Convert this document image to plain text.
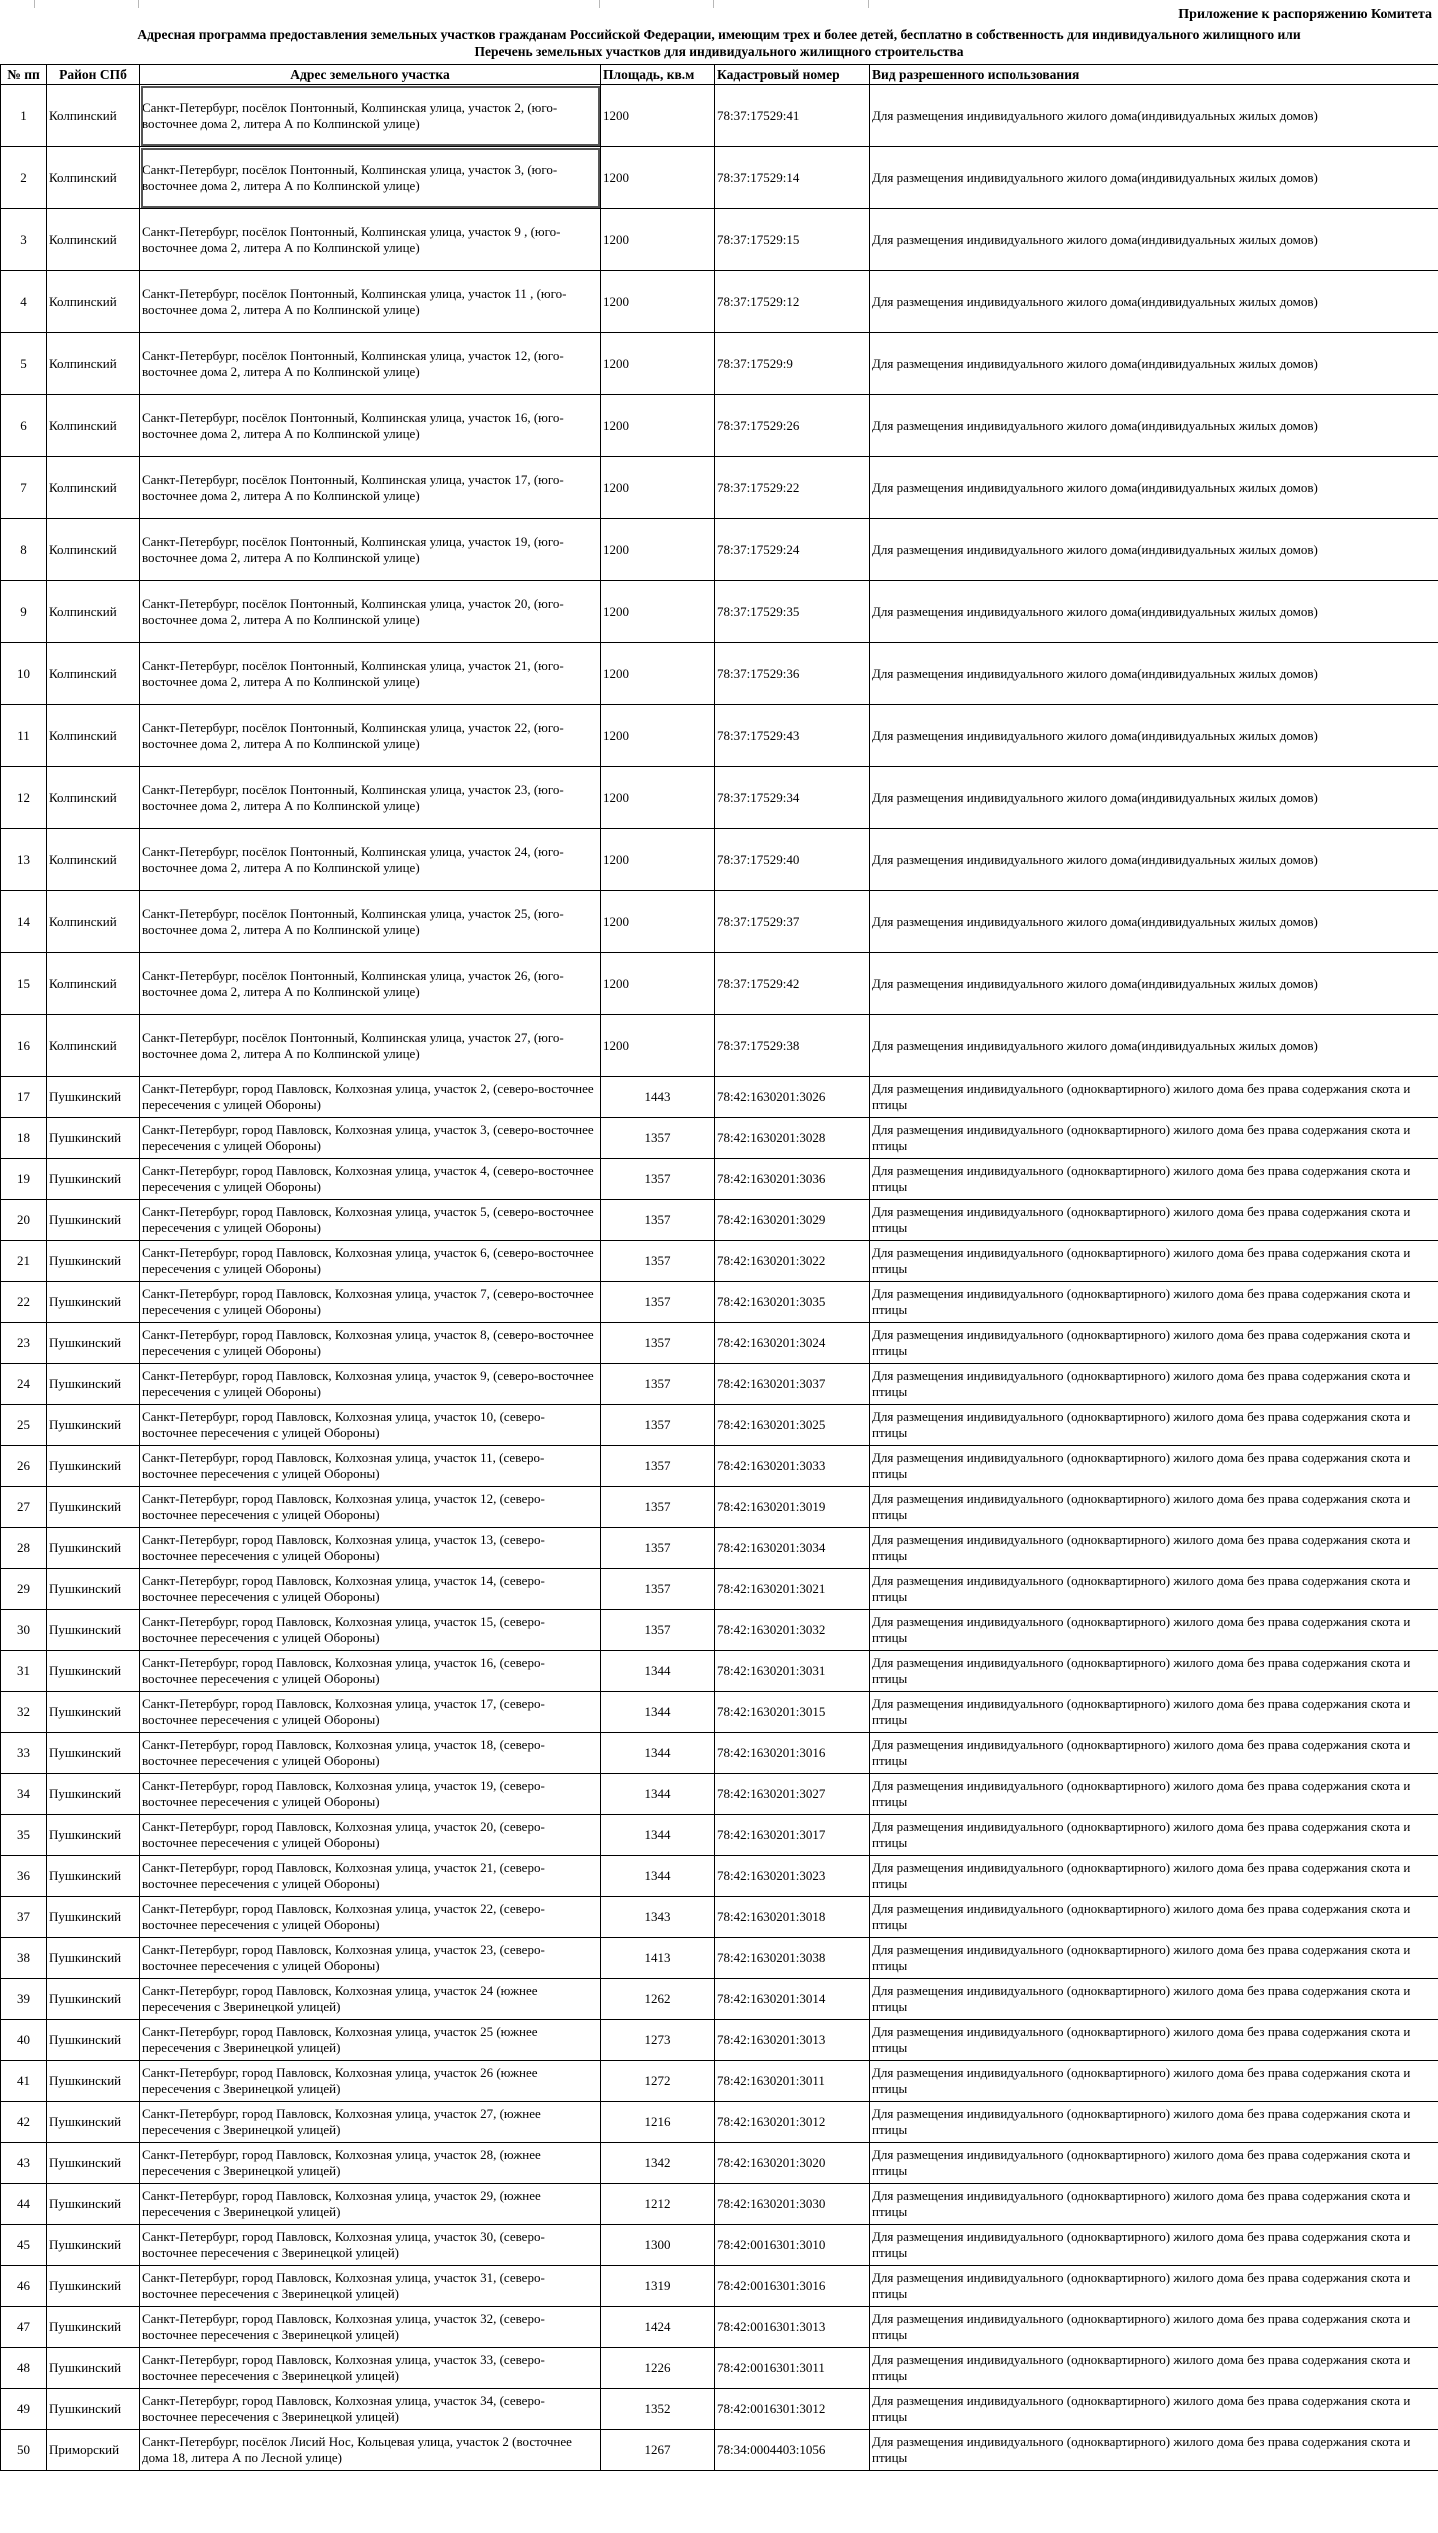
Приложение к распоряжению Комитета
Адресная программа предоставления земельных участков гражданам Российской Федерации, имеющим трех и более детей, бесплатно в собственность для индивидуального жилищного или
Перечень земельных участков для индивидуального жилищного строительства
№ пп	Район СПб	Адрес земельного участка	Площадь, кв.м	Кадастровый номер	Вид разрешенного использования
1	Колпинский	Санкт-Петербург, посёлок Понтонный, Колпинская улица, участок 2, (юго-восточнее дома 2, литера А по Колпинской улице)	1200	78:37:17529:41	Для размещения индивидуального жилого дома(индивидуальных жилых домов)
2	Колпинский	Санкт-Петербург, посёлок Понтонный, Колпинская улица, участок 3, (юго-восточнее дома 2, литера А по Колпинской улице)	1200	78:37:17529:14	Для размещения индивидуального жилого дома(индивидуальных жилых домов)
3	Колпинский	Санкт-Петербург, посёлок Понтонный, Колпинская улица, участок 9 , (юго-восточнее дома 2, литера А по Колпинской улице)	1200	78:37:17529:15	Для размещения индивидуального жилого дома(индивидуальных жилых домов)
4	Колпинский	Санкт-Петербург, посёлок Понтонный, Колпинская улица, участок 11 , (юго-восточнее дома 2, литера А по Колпинской улице)	1200	78:37:17529:12	Для размещения индивидуального жилого дома(индивидуальных жилых домов)
5	Колпинский	Санкт-Петербург, посёлок Понтонный, Колпинская улица, участок 12, (юго-восточнее дома 2, литера А по Колпинской улице)	1200	78:37:17529:9	Для размещения индивидуального жилого дома(индивидуальных жилых домов)
6	Колпинский	Санкт-Петербург, посёлок Понтонный, Колпинская улица, участок 16, (юго-восточнее дома 2, литера А по Колпинской улице)	1200	78:37:17529:26	Для размещения индивидуального жилого дома(индивидуальных жилых домов)
7	Колпинский	Санкт-Петербург, посёлок Понтонный, Колпинская улица, участок 17, (юго-восточнее дома 2, литера А по Колпинской улице)	1200	78:37:17529:22	Для размещения индивидуального жилого дома(индивидуальных жилых домов)
8	Колпинский	Санкт-Петербург, посёлок Понтонный, Колпинская улица, участок 19, (юго-восточнее дома 2, литера А по Колпинской улице)	1200	78:37:17529:24	Для размещения индивидуального жилого дома(индивидуальных жилых домов)
9	Колпинский	Санкт-Петербург, посёлок Понтонный, Колпинская улица, участок 20, (юго-восточнее дома 2, литера А по Колпинской улице)	1200	78:37:17529:35	Для размещения индивидуального жилого дома(индивидуальных жилых домов)
10	Колпинский	Санкт-Петербург, посёлок Понтонный, Колпинская улица, участок 21, (юго-восточнее дома 2, литера А по Колпинской улице)	1200	78:37:17529:36	Для размещения индивидуального жилого дома(индивидуальных жилых домов)
11	Колпинский	Санкт-Петербург, посёлок Понтонный, Колпинская улица, участок 22, (юго-восточнее дома 2, литера А по Колпинской улице)	1200	78:37:17529:43	Для размещения индивидуального жилого дома(индивидуальных жилых домов)
12	Колпинский	Санкт-Петербург, посёлок Понтонный, Колпинская улица, участок 23, (юго-восточнее дома 2, литера А по Колпинской улице)	1200	78:37:17529:34	Для размещения индивидуального жилого дома(индивидуальных жилых домов)
13	Колпинский	Санкт-Петербург, посёлок Понтонный, Колпинская улица, участок 24, (юго-восточнее дома 2, литера А по Колпинской улице)	1200	78:37:17529:40	Для размещения индивидуального жилого дома(индивидуальных жилых домов)
14	Колпинский	Санкт-Петербург, посёлок Понтонный, Колпинская улица, участок 25, (юго-восточнее дома 2, литера А по Колпинской улице)	1200	78:37:17529:37	Для размещения индивидуального жилого дома(индивидуальных жилых домов)
15	Колпинский	Санкт-Петербург, посёлок Понтонный, Колпинская улица, участок 26, (юго-восточнее дома 2, литера А по Колпинской улице)	1200	78:37:17529:42	Для размещения индивидуального жилого дома(индивидуальных жилых домов)
16	Колпинский	Санкт-Петербург, посёлок Понтонный, Колпинская улица, участок 27, (юго-восточнее дома 2, литера А по Колпинской улице)	1200	78:37:17529:38	Для размещения индивидуального жилого дома(индивидуальных жилых домов)
17	Пушкинский	Санкт-Петербург, город Павловск, Колхозная улица, участок 2, (северо-восточнее пересечения с улицей Обороны)	1443	78:42:1630201:3026	Для размещения индивидуального (одноквартирного) жилого дома без права содержания скота и птицы
18	Пушкинский	Санкт-Петербург, город Павловск, Колхозная улица, участок 3, (северо-восточнее пересечения с улицей Обороны)	1357	78:42:1630201:3028	Для размещения индивидуального (одноквартирного) жилого дома без права содержания скота и птицы
19	Пушкинский	Санкт-Петербург, город Павловск, Колхозная улица, участок 4, (северо-восточнее пересечения с улицей Обороны)	1357	78:42:1630201:3036	Для размещения индивидуального (одноквартирного) жилого дома без права содержания скота и птицы
20	Пушкинский	Санкт-Петербург, город Павловск, Колхозная улица, участок 5, (северо-восточнее пересечения с улицей Обороны)	1357	78:42:1630201:3029	Для размещения индивидуального (одноквартирного) жилого дома без права содержания скота и птицы
21	Пушкинский	Санкт-Петербург, город Павловск, Колхозная улица, участок 6, (северо-восточнее пересечения с улицей Обороны)	1357	78:42:1630201:3022	Для размещения индивидуального (одноквартирного) жилого дома без права содержания скота и птицы
22	Пушкинский	Санкт-Петербург, город Павловск, Колхозная улица, участок 7, (северо-восточнее пересечения с улицей Обороны)	1357	78:42:1630201:3035	Для размещения индивидуального (одноквартирного) жилого дома без права содержания скота и птицы
23	Пушкинский	Санкт-Петербург, город Павловск, Колхозная улица, участок 8, (северо-восточнее пересечения с улицей Обороны)	1357	78:42:1630201:3024	Для размещения индивидуального (одноквартирного) жилого дома без права содержания скота и птицы
24	Пушкинский	Санкт-Петербург, город Павловск, Колхозная улица, участок 9, (северо-восточнее пересечения с улицей Обороны)	1357	78:42:1630201:3037	Для размещения индивидуального (одноквартирного) жилого дома без права содержания скота и птицы
25	Пушкинский	Санкт-Петербург, город Павловск, Колхозная улица, участок 10, (северо-восточнее пересечения с улицей Обороны)	1357	78:42:1630201:3025	Для размещения индивидуального (одноквартирного) жилого дома без права содержания скота и птицы
26	Пушкинский	Санкт-Петербург, город Павловск, Колхозная улица, участок 11, (северо-восточнее пересечения с улицей Обороны)	1357	78:42:1630201:3033	Для размещения индивидуального (одноквартирного) жилого дома без права содержания скота и птицы
27	Пушкинский	Санкт-Петербург, город Павловск, Колхозная улица, участок 12, (северо-восточнее пересечения с улицей Обороны)	1357	78:42:1630201:3019	Для размещения индивидуального (одноквартирного) жилого дома без права содержания скота и птицы
28	Пушкинский	Санкт-Петербург, город Павловск, Колхозная улица, участок 13, (северо-восточнее пересечения с улицей Обороны)	1357	78:42:1630201:3034	Для размещения индивидуального (одноквартирного) жилого дома без права содержания скота и птицы
29	Пушкинский	Санкт-Петербург, город Павловск, Колхозная улица, участок 14, (северо-восточнее пересечения с улицей Обороны)	1357	78:42:1630201:3021	Для размещения индивидуального (одноквартирного) жилого дома без права содержания скота и птицы
30	Пушкинский	Санкт-Петербург, город Павловск, Колхозная улица, участок 15, (северо-восточнее пересечения с улицей Обороны)	1357	78:42:1630201:3032	Для размещения индивидуального (одноквартирного) жилого дома без права содержания скота и птицы
31	Пушкинский	Санкт-Петербург, город Павловск, Колхозная улица, участок 16, (северо-восточнее пересечения с улицей Обороны)	1344	78:42:1630201:3031	Для размещения индивидуального (одноквартирного) жилого дома без права содержания скота и птицы
32	Пушкинский	Санкт-Петербург, город Павловск, Колхозная улица, участок 17, (северо-восточнее пересечения с улицей Обороны)	1344	78:42:1630201:3015	Для размещения индивидуального (одноквартирного) жилого дома без права содержания скота и птицы
33	Пушкинский	Санкт-Петербург, город Павловск, Колхозная улица, участок 18, (северо-восточнее пересечения с улицей Обороны)	1344	78:42:1630201:3016	Для размещения индивидуального (одноквартирного) жилого дома без права содержания скота и птицы
34	Пушкинский	Санкт-Петербург, город Павловск, Колхозная улица, участок 19, (северо-восточнее пересечения с улицей Обороны)	1344	78:42:1630201:3027	Для размещения индивидуального (одноквартирного) жилого дома без права содержания скота и птицы
35	Пушкинский	Санкт-Петербург, город Павловск, Колхозная улица, участок 20, (северо-восточнее пересечения с улицей Обороны)	1344	78:42:1630201:3017	Для размещения индивидуального (одноквартирного) жилого дома без права содержания скота и птицы
36	Пушкинский	Санкт-Петербург, город Павловск, Колхозная улица, участок 21, (северо-восточнее пересечения с улицей Обороны)	1344	78:42:1630201:3023	Для размещения индивидуального (одноквартирного) жилого дома без права содержания скота и птицы
37	Пушкинский	Санкт-Петербург, город Павловск, Колхозная улица, участок 22, (северо-восточнее пересечения с улицей Обороны)	1343	78:42:1630201:3018	Для размещения индивидуального (одноквартирного) жилого дома без права содержания скота и птицы
38	Пушкинский	Санкт-Петербург, город Павловск, Колхозная улица, участок 23, (северо-восточнее пересечения с улицей Обороны)	1413	78:42:1630201:3038	Для размещения индивидуального (одноквартирного) жилого дома без права содержания скота и птицы
39	Пушкинский	Санкт-Петербург, город Павловск, Колхозная улица, участок 24 (южнее пересечения с Зверинецкой улицей)	1262	78:42:1630201:3014	Для размещения индивидуального (одноквартирного) жилого дома без права содержания скота и птицы
40	Пушкинский	Санкт-Петербург, город Павловск, Колхозная улица, участок 25 (южнее пересечения с Зверинецкой улицей)	1273	78:42:1630201:3013	Для размещения индивидуального (одноквартирного) жилого дома без права содержания скота и птицы
41	Пушкинский	Санкт-Петербург, город Павловск, Колхозная улица, участок 26 (южнее пересечения с Зверинецкой улицей)	1272	78:42:1630201:3011	Для размещения индивидуального (одноквартирного) жилого дома без права содержания скота и птицы
42	Пушкинский	Санкт-Петербург, город Павловск, Колхозная улица, участок 27, (южнее пересечения с Зверинецкой улицей)	1216	78:42:1630201:3012	Для размещения индивидуального (одноквартирного) жилого дома без права содержания скота и птицы
43	Пушкинский	Санкт-Петербург, город Павловск, Колхозная улица, участок 28, (южнее пересечения с Зверинецкой улицей)	1342	78:42:1630201:3020	Для размещения индивидуального (одноквартирного) жилого дома без права содержания скота и птицы
44	Пушкинский	Санкт-Петербург, город Павловск, Колхозная улица, участок 29, (южнее пересечения с Зверинецкой улицей)	1212	78:42:1630201:3030	Для размещения индивидуального (одноквартирного) жилого дома без права содержания скота и птицы
45	Пушкинский	Санкт-Петербург, город Павловск, Колхозная улица, участок 30, (северо-восточнее пересечения с Зверинецкой улицей)	1300	78:42:0016301:3010	Для размещения индивидуального (одноквартирного) жилого дома без права содержания скота и птицы
46	Пушкинский	Санкт-Петербург, город Павловск, Колхозная улица, участок 31, (северо-восточнее пересечения с Зверинецкой улицей)	1319	78:42:0016301:3016	Для размещения индивидуального (одноквартирного) жилого дома без права содержания скота и птицы
47	Пушкинский	Санкт-Петербург, город Павловск, Колхозная улица, участок 32, (северо-восточнее пересечения с Зверинецкой улицей)	1424	78:42:0016301:3013	Для размещения индивидуального (одноквартирного) жилого дома без права содержания скота и птицы
48	Пушкинский	Санкт-Петербург, город Павловск, Колхозная улица, участок 33, (северо-восточнее пересечения с Зверинецкой улицей)	1226	78:42:0016301:3011	Для размещения индивидуального (одноквартирного) жилого дома без права содержания скота и птицы
49	Пушкинский	Санкт-Петербург, город Павловск, Колхозная улица, участок 34, (северо-восточнее пересечения с Зверинецкой улицей)	1352	78:42:0016301:3012	Для размещения индивидуального (одноквартирного) жилого дома без права содержания скота и птицы
50	Приморский	Санкт-Петербург, посёлок Лисий Нос, Кольцевая улица, участок 2 (восточнее дома 18, литера А по Лесной улице)	1267	78:34:0004403:1056	Для размещения индивидуального (одноквартирного) жилого дома без права содержания скота и птицы
